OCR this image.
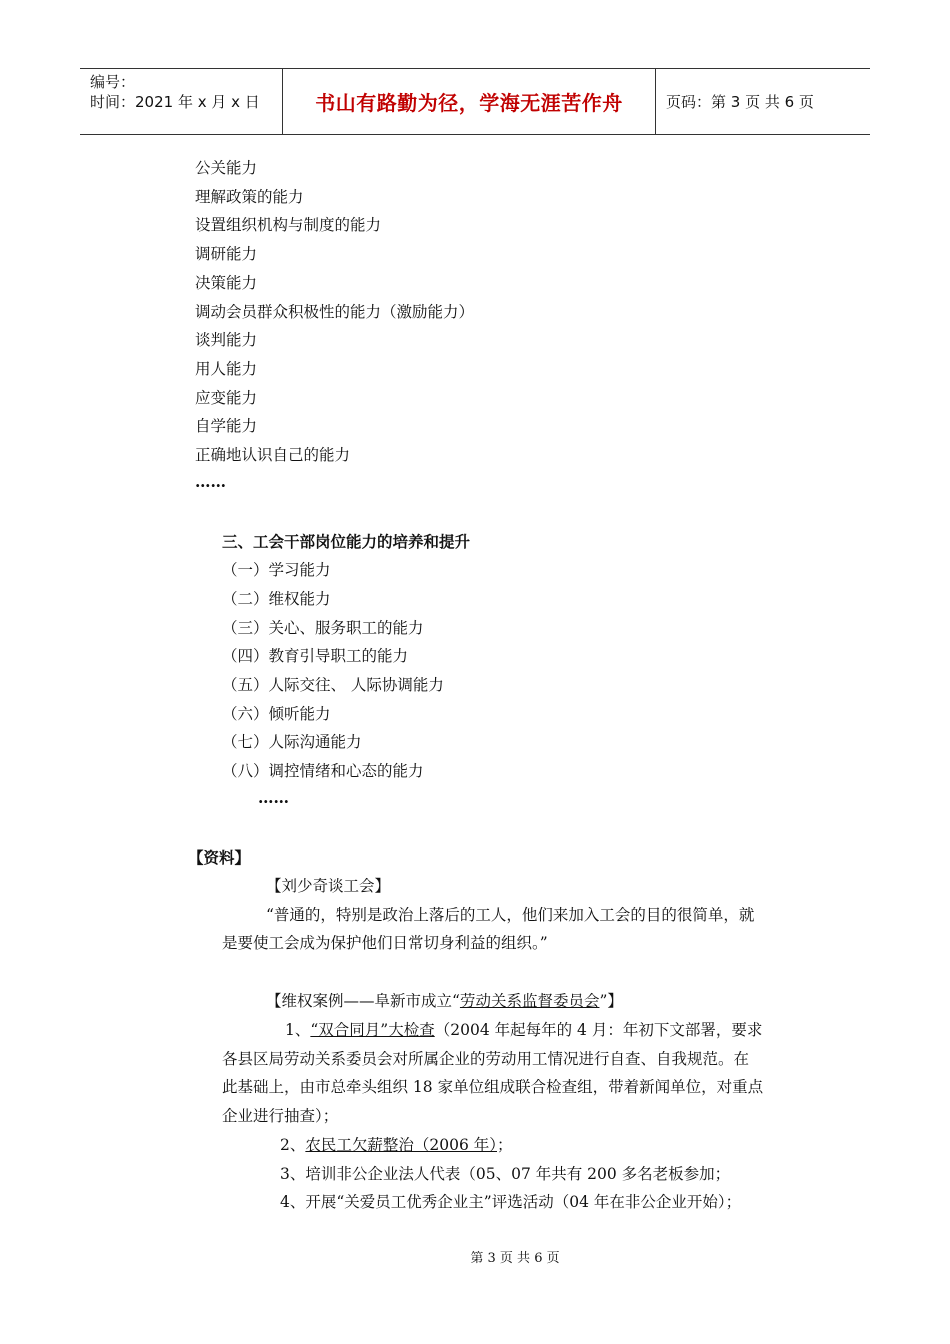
编号：
时间：2021 年 x 月 x 日	书山有路勤为径，学海无涯苦作舟	页码：第 3 页 共 6 页
公关能力
理解政策的能力
设置组织机构与制度的能力
调研能力
决策能力
调动会员群众积极性的能力（激励能力）
谈判能力
用人能力
应变能力
自学能力
正确地认识自己的能力
……
三、工会干部岗位能力的培养和提升
（一）学习能力
（二）维权能力
（三）关心、服务职工的能力
（四）教育引导职工的能力
（五）人际交往、 人际协调能力
（六）倾听能力
（七）人际沟通能力
（八）调控情绪和心态的能力
……
【资料】
【刘少奇谈工会】
“普通的，特别是政治上落后的工人，他们来加入工会的目的很简单，就
是要使工会成为保护他们日常切身利益的组织。”
【维权案例——阜新市成立“劳动关系监督委员会”】
1、“双合同月”大检查（2004 年起每年的 4 月：年初下文部署，要求
各县区局劳动关系委员会对所属企业的劳动用工情况进行自查、自我规范。在
此基础上，由市总牵头组织 18 家单位组成联合检查组，带着新闻单位，对重点
企业进行抽查）；
2、农民工欠薪整治（2006 年）；
3、培训非公企业法人代表（05、07 年共有 200 多名老板参加；
4、开展“关爱员工优秀企业主”评选活动（04 年在非公企业开始）；
第 3 页 共 6 页
